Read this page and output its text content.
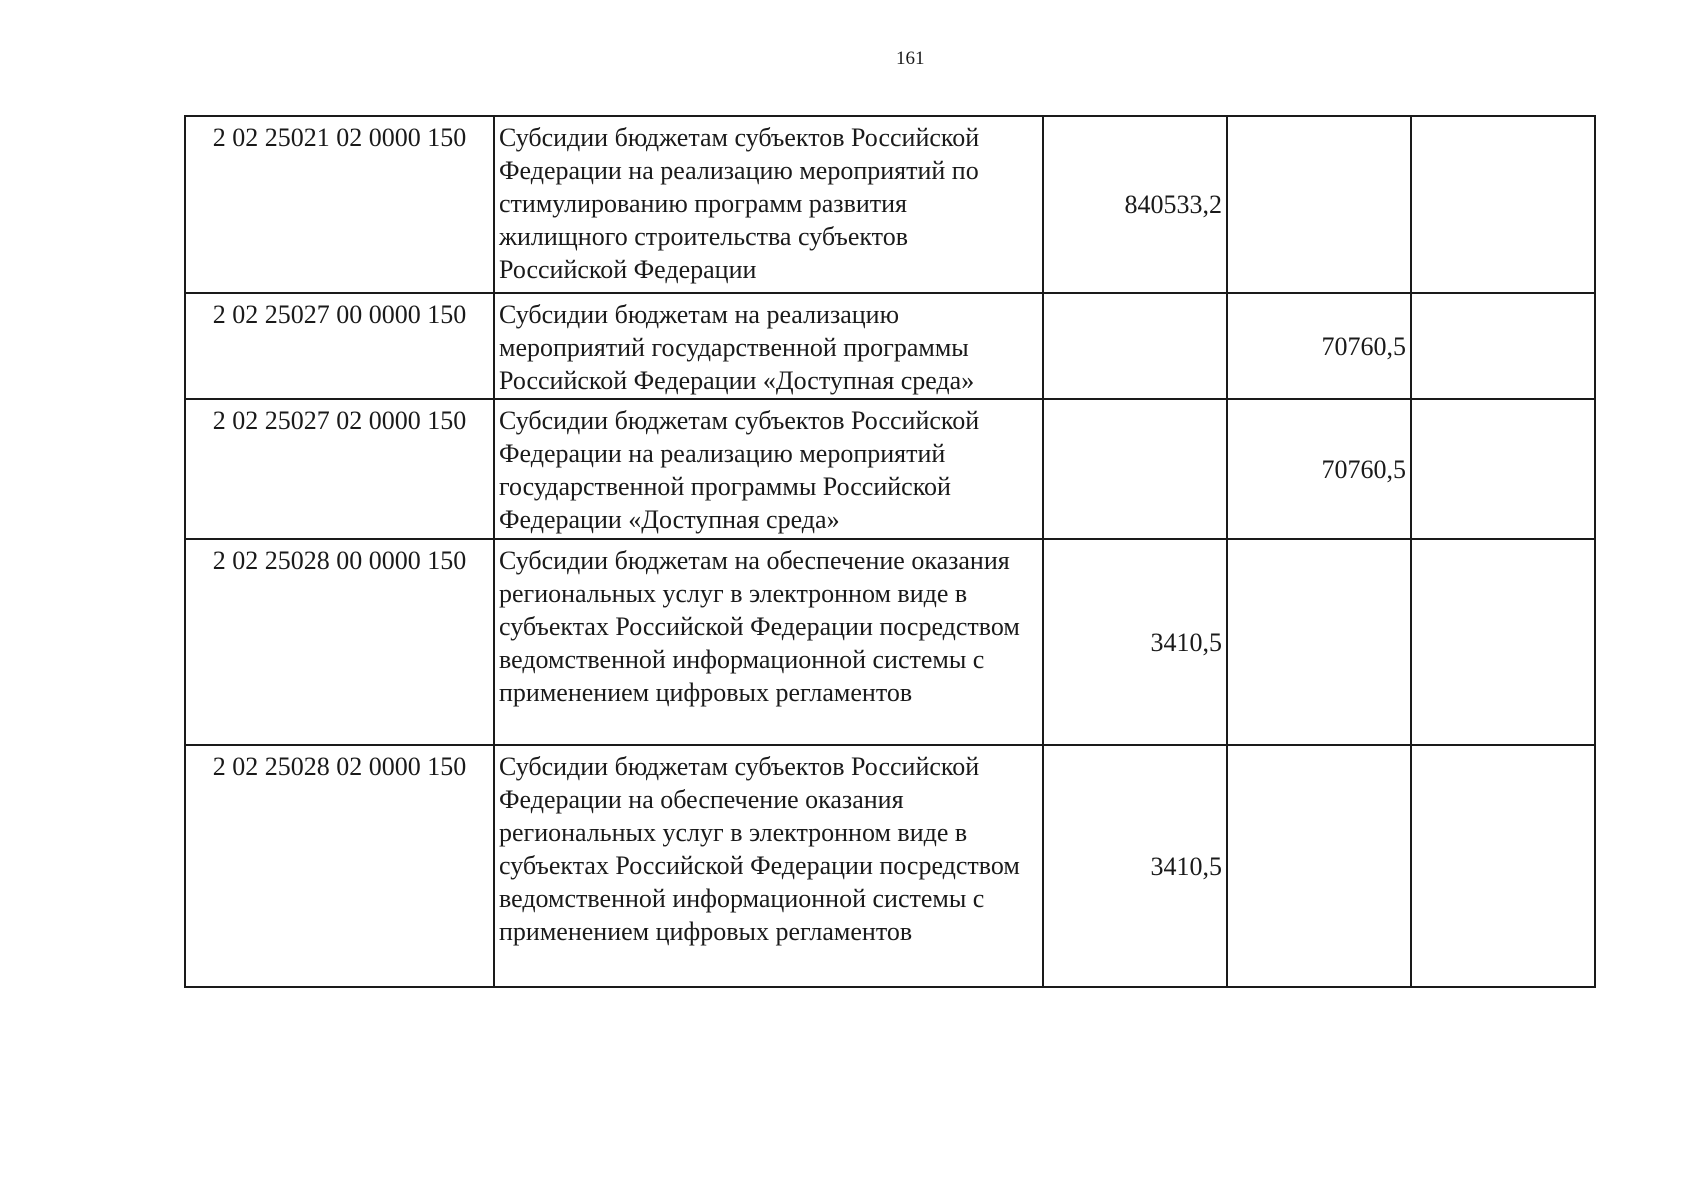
161
2 02 25021 02 0000 150	Субсидии бюджетам субъектов Российской Федерации на реализацию мероприятий по стимулированию программ развития жилищного строительства субъектов Российской Федерации	840533,2		
2 02 25027 00 0000 150	Субсидии бюджетам на реализацию мероприятий государственной программы Российской Федерации «Доступная среда»		70760,5	
2 02 25027 02 0000 150	Субсидии бюджетам субъектов Российской Федерации на реализацию мероприятий государственной программы Российской Федерации «Доступная среда»		70760,5	
2 02 25028 00 0000 150	Субсидии бюджетам на обеспечение оказания региональных услуг в электронном виде в субъектах Российской Федерации посредством ведомственной информационной системы с применением цифровых регламентов	3410,5		
2 02 25028 02 0000 150	Субсидии бюджетам субъектов Российской Федерации на обеспечение оказания региональных услуг в электронном виде в субъектах Российской Федерации посредством ведомственной информационной системы с применением цифровых регламентов	3410,5		
